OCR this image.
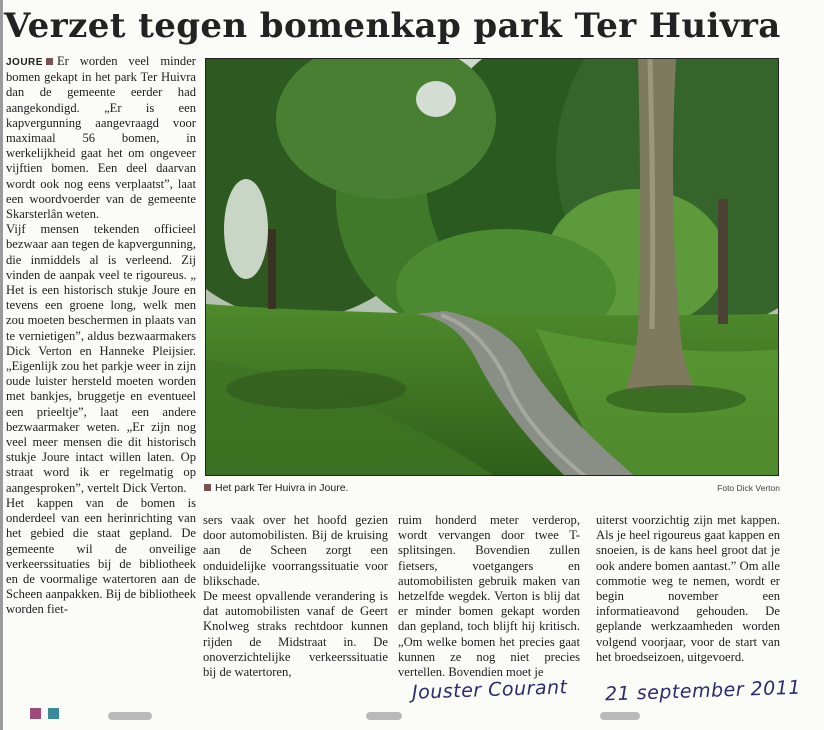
Verzet tegen bomenkap park Ter Huivra

JOURE Er worden veel minder bomen gekapt in het park Ter Huivra dan de gemeente eerder had aangekondigd. „Er is een kapvergunning aangevraagd voor maximaal 56 bomen, in werkelijkheid gaat het om ongeveer vijftien bomen. Een deel daarvan wordt ook nog eens verplaatst”, laat een woordvoerder van de gemeente Skarsterlân weten.

Vijf mensen tekenden officieel bezwaar aan tegen de kapvergunning, die inmiddels al is verleend. Zij vinden de aanpak veel te rigoureus. „ Het is een historisch stukje Joure en tevens een groene long, welk men zou moeten beschermen in plaats van te vernietigen”, aldus bezwaarmakers Dick Verton en Hanneke Pleijsier. „Eigenlijk zou het parkje weer in zijn oude luister hersteld moeten worden met bankjes, bruggetje en eventueel een prieeltje”, laat een andere bezwaarmaker weten. „Er zijn nog veel meer mensen die dit historisch stukje Joure intact willen laten. Op straat word ik er regelmatig op aangesproken”, vertelt Dick Verton.

Het kappen van de bomen is onderdeel van een herinrichting van het gebied die staat gepland. De gemeente wil de onveilige verkeerssituaties bij de bibliotheek en de voormalige watertoren aan de Scheen aanpakken. Bij de bibliotheek worden fiet-

Het park Ter Huivra in Joure.	Foto Dick Verton

sers vaak over het hoofd gezien door automobilisten. Bij de kruising aan de Scheen zorgt een onduidelijke voorrangssituatie voor blikschade.

De meest opvallende verandering is dat automobilisten vanaf de Geert Knolweg straks rechtdoor kunnen rijden de Midstraat in. De onoverzichtelijke verkeerssituatie bij de watertoren,

ruim honderd meter verderop, wordt vervangen door twee T-splitsingen. Bovendien zullen fietsers, voetgangers en automobilisten gebruik maken van hetzelfde wegdek. Verton is blij dat er minder bomen gekapt worden dan gepland, toch blijft hij kritisch. „Om welke bomen het precies gaat kunnen ze nog niet precies vertellen. Bovendien moet je

uiterst voorzichtig zijn met kappen. Als je heel rigoureus gaat kappen en snoeien, is de kans heel groot dat je ook andere bomen aantast.” Om alle commotie weg te nemen, wordt er begin november een informatieavond gehouden. De geplande werkzaamheden worden volgend voorjaar, voor de start van het broedseizoen, uitgevoerd.

Jouster Courant 21 september 2011
